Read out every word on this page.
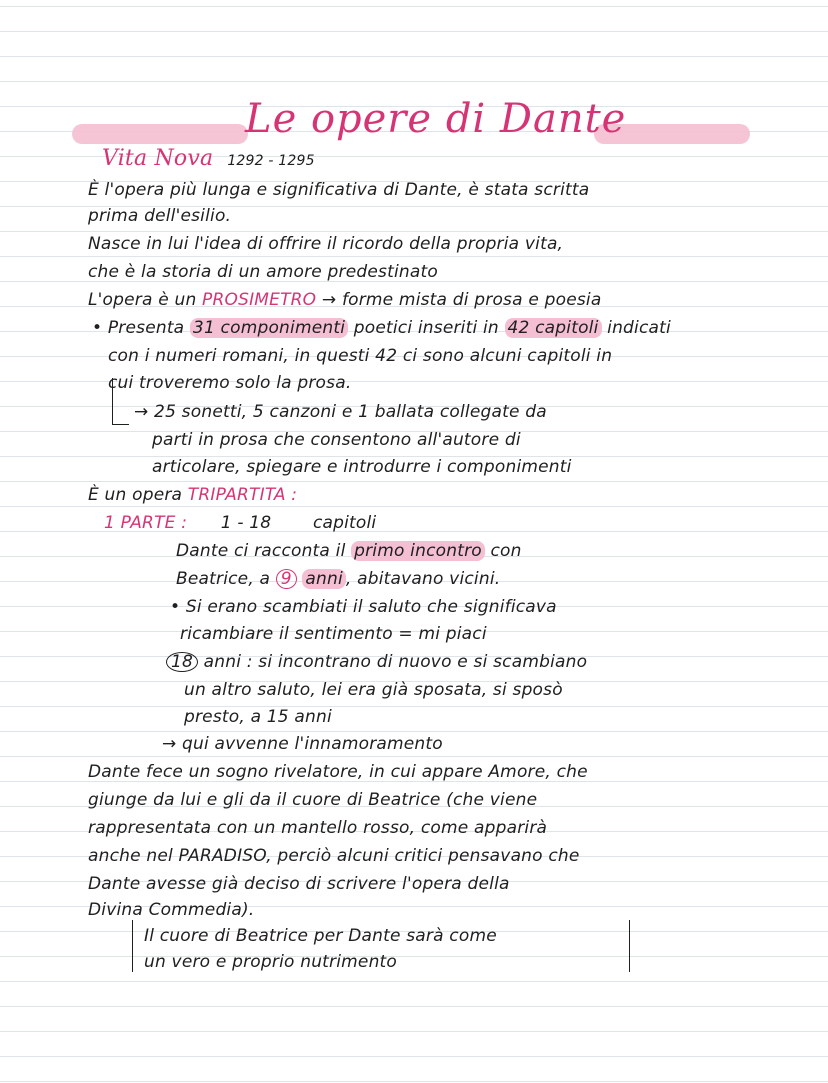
Le opere di Dante
Vita Nova 1292 - 1295
È l'opera più lunga e significativa di Dante, è stata scritta
prima dell'esilio.
Nasce in lui l'idea di offrire il ricordo della propria vita,
che è la storia di un amore predestinato
L'opera è un PROSIMETRO → forme mista di prosa e poesia
• Presenta 31 componimenti poetici inseriti in 42 capitoli indicati
con i numeri romani, in questi 42 ci sono alcuni capitoli in
cui troveremo solo la prosa.
→ 25 sonetti, 5 canzoni e 1 ballata collegate da
parti in prosa che consentono all'autore di
articolare, spiegare e introdurre i componimenti
È un opera TRIPARTITA :
1 PARTE : 1 - 18 capitoli
Dante ci racconta il primo incontro con
Beatrice, a 9 anni , abitavano vicini.
• Si erano scambiati il saluto che significava
ricambiare il sentimento = mi piaci
18 anni : si incontrano di nuovo e si scambiano
un altro saluto, lei era già sposata, si sposò
presto, a 15 anni
→ qui avvenne l'innamoramento
Dante fece un sogno rivelatore, in cui appare Amore, che
giunge da lui e gli da il cuore di Beatrice (che viene
rappresentata con un mantello rosso, come apparirà
anche nel PARADISO, perciò alcuni critici pensavano che
Dante avesse già deciso di scrivere l'opera della
Divina Commedia).
Il cuore di Beatrice per Dante sarà come
un vero e proprio nutrimento
